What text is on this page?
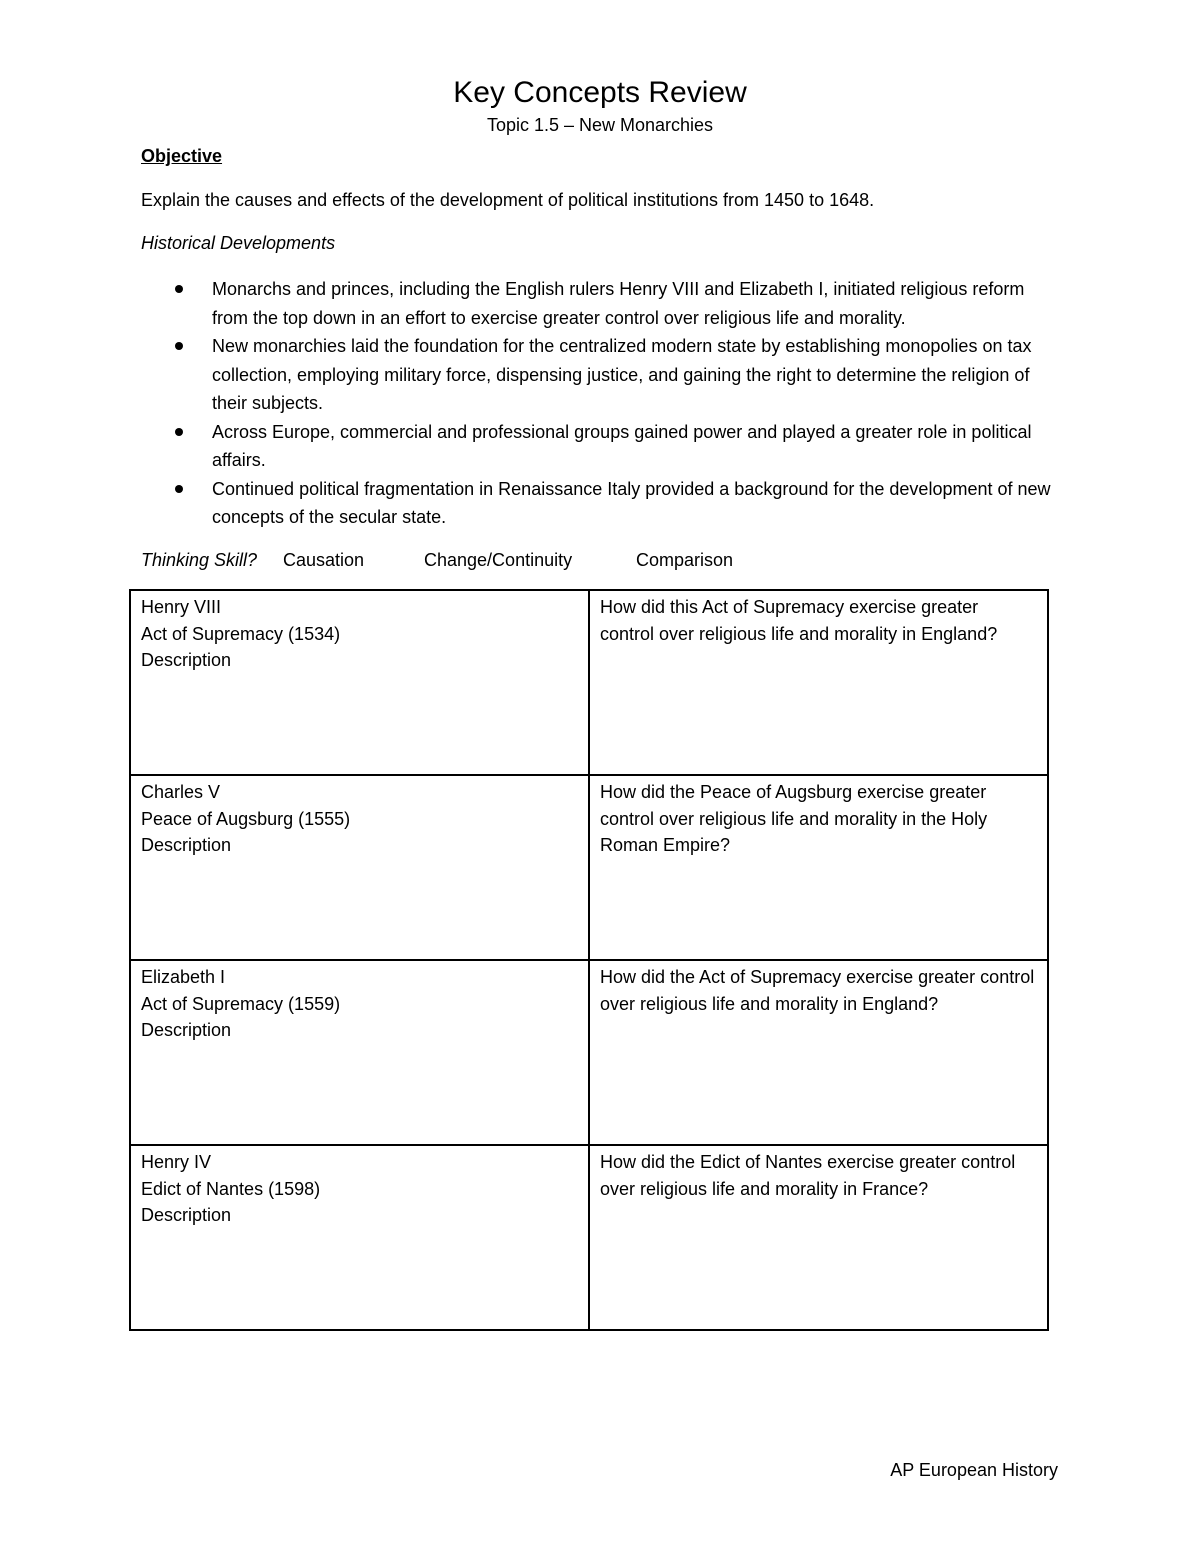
Key Concepts Review
Topic 1.5 – New Monarchies
Objective
Explain the causes and effects of the development of political institutions from 1450 to 1648.
Historical Developments
Monarchs and princes, including the English rulers Henry VIII and Elizabeth I, initiated religious reform from the top down in an effort to exercise greater control over religious life and morality.
New monarchies laid the foundation for the centralized modern state by establishing monopolies on tax collection, employing military force, dispensing justice, and gaining the right to determine the religion of their subjects.
Across Europe, commercial and professional groups gained power and played a greater role in political affairs.
Continued political fragmentation in Renaissance Italy provided a background for the development of new concepts of the secular state.
Thinking Skill? Causation	Change/Continuity	Comparison
Henry VIII
Act of Supremacy (1534)
Description	How did this Act of Supremacy exercise greater control over religious life and morality in England?

Charles V
Peace of Augsburg (1555)
Description	How did the Peace of Augsburg exercise greater control over religious life and morality in the Holy Roman Empire?

Elizabeth I
Act of Supremacy (1559)
Description	How did the Act of Supremacy exercise greater control over religious life and morality in England?

Henry IV
Edict of Nantes (1598)
Description	How did the Edict of Nantes exercise greater control over religious life and morality in France?
AP European History
